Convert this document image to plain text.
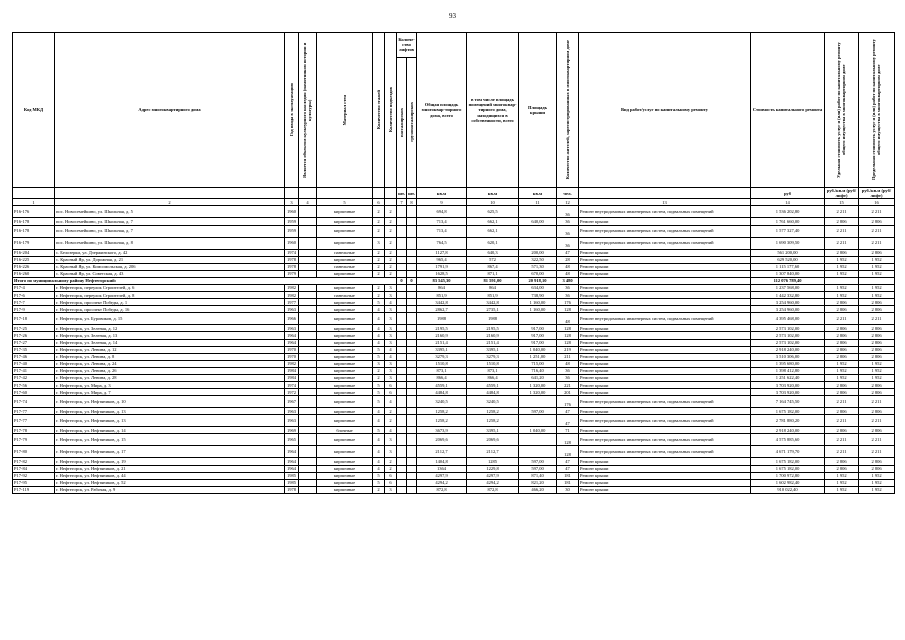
93
Код МКД	Адрес многоквартирного дома	Год ввода в эксплуатацию	Является объектом культурного наследия (памятником истории и культуры)	Материал стен	Количество этажей	Количество подъездов	Количе-ство лифтов		Общая площадь многоквар-тирного дома, всего	в том числе площадь помещений многоквар-тирного дома, находящихся в собственности, всего	Площадь крыши	Количество жителей, зарегистрированных в многоквартирном доме	Вид работ/услуг по капитальному ремонту	Стоимость капитального ремонта	Удельная стоимость услуг и (или) работ по капитальному ремонту общего имущества в многоквартирном доме	Предельная стоимость услуг и (или) работ по капитальному ремонту общего имущества в многоквартирном доме

							пассажирских	грузопассажирских								

							шт.	шт.	кв.м	кв.м	кв.м	чел.		руб	руб./кв.м (руб/лифт)	руб./кв.м (руб/лифт)
1	2	3	4	5	6		7	8	9	10	11	12	13	14	15	16
Р16-176	пос. Новосемейкино, ул. Школьная, д. 5	1960		кирпичные	2	2			694,8	625,5		36	Ремонт внутридомовых инженерных систем, подвальных помещений	1 536 202,80	2 211	2 211
Р16-178	пос. Новосемейкино, ул. Школьная, д. 7	1959		кирпичные	2	2			713,4	662,1	640,00	36	Ремонт крыши	1 761 660,00	2 806	2 806
Р16-178	пос. Новосемейкино, ул. Школьная, д. 7	1959		кирпичные	2	2			713,4	662,1		36	Ремонт внутридомовых инженерных систем, подвальных помещений	1 577 327,40	2 211	2 211
Р16-179	пос. Новосемейкино, ул. Школьная, д. 8	1960		кирпичные	3	2			764,5	620,1		36	Ремонт внутридомовых инженерных систем, подвальных помещений	1 690 309,50	2 211	2 211
Р16-204	с. Белозерки, ул. Дзержинского, д. 42	1974		панельные	2	2			1127,8	640,3	200,00	47	Ремонт крыши	561 200,00	2 806	2 806
Р16-225	с. Красный Яр, ул. Дорожная, д. 21	1978		кирпичные	2	2			965,4	572	322,50	28	Ремонт крыши	629 520,00	1 952	1 952
Р16-226	с. Красный Яр, ул. Комсомольская, д. 206	1978		панельные	2	2			1791,9	867,4	571,30	48	Ремонт крыши	1 115 177,60	1 952	1 952
Р16-260	с. Красный Яр, ул. Советская, д. 43	1979		кирпичные	2	2			1628,5	871,1	670,00	48	Ремонт крыши	1 307 840,00	1 952	1 952
Итого по муниципальному району Нефтегорский:							0	0	83 545,30	81 591,00	20 918,10	3 480		112 076 789,40		
Р17-4	г. Нефтегорск, переулок Строителей, д. 6	1982		кирпичные	2	3			864	864	634,00	36	Ремонт крыши	1 237 568,00	1 952	1 952
Р17-6	г. Нефтегорск, переулок Строителей, д. 8	1982		панельные	2	3			851,9	851,9	738,90	36	Ремонт крыши	1 442 332,80	1 952	1 952
Р17-7	г. Нефтегорск, проспект Победы, д. 1	1977		кирпичные	5	4			3442,8	3442,8	1 160,00	176	Ремонт крыши	3 254 960,00	2 806	2 806
Р17-9	г. Нефтегорск, проспект Победы, д. 16	1963		кирпичные	4	3			2862,7	2735,1	1 160,00	128	Ремонт крыши	3 254 960,00	2 806	2 806
Р17-18	г. Нефтегорск, ул. Буровиков, д. 15	1966		кирпичные	4	3			1988	1988		48	Ремонт внутридомовых инженерных систем, подвальных помещений	4 395 468,00	2 211	2 211
Р17-25	г. Нефтегорск, ул. Зеленая, д. 12	1963		кирпичные	4	3			2195,5	2195,5	917,00	128	Ремонт крыши	2 573 102,00	2 806	2 806
Р17-26	г. Нефтегорск, ул. Зеленая, д. 13	1964		кирпичные	4	3			2160,9	2160,9	917,00	128	Ремонт крыши	2 573 102,00	2 806	2 806
Р17-27	г. Нефтегорск, ул. Зеленая, д. 14	1964		кирпичные	4	3			2151,4	2151,4	917,00	128	Ремонт крыши	2 573 102,00	2 806	2 806
Р17-35	г. Нефтегорск, ул. Ленина, д. 12	1970		кирпичные	5	4			3395,1	3395,1	1 040,00	219	Ремонт крыши	2 918 240,00	2 806	2 806
Р17-46	г. Нефтегорск, ул. Ленина, д. 8	1970		кирпичные	5	4			3279,3	3279,3	1 251,00	211	Ремонт крыши	3 510 306,00	2 806	2 806
Р17-40	г. Нефтегорск, ул. Ленина, д. 24	1982		кирпичные	3	3			1510,8	1510,8	715,00	48	Ремонт крыши	1 395 680,00	1 952	1 952
Р17-41	г. Нефтегорск, ул. Ленина, д. 26	1984		кирпичные	2	3			873,1	873,1	716,40	36	Ремонт крыши	1 398 412,80	1 952	1 952
Р17-42	г. Нефтегорск, ул. Ленина, д. 28	1984		кирпичные	2	3			866,4	866,4	641,20	36	Ремонт крыши	1 251 622,40	1 952	1 952
Р17-56	г. Нефтегорск, ул. Мира, д. 3	1974		кирпичные	5	6			4559,1	4559,1	1 320,00	221	Ремонт крыши	3 703 920,00	2 806	2 806
Р17-60	г. Нефтегорск, ул. Мира, д. 7	1972		кирпичные	5	6			4484,8	4484,8	1 320,00	201	Ремонт крыши	3 703 920,00	2 806	2 806
Р17-74	г. Нефтегорск, ул. Нефтяников, д. 10	1967		кирпичные	5	4			3240,5	3240,5		176	Ремонт внутридомовых инженерных систем, подвальных помещений	7 164 745,50	2 211	2 211
Р17-77	г. Нефтегорск, ул. Нефтяников, д. 13	1963		кирпичные	4	2			1258,2	1258,2	597,00	47	Ремонт крыши	1 675 182,00	2 806	2 806
Р17-77	г. Нефтегорск, ул. Нефтяников, д. 13	1963		кирпичные	4	2			1258,2	1258,2		47	Ремонт внутридомовых инженерных систем, подвальных помещений	2 781 880,20	2 211	2 211
Р17-78	г. Нефтегорск, ул. Нефтяников, д. 14	1969		блочные	5	4			3673,9	3395,1	1 040,00	71	Ремонт крыши	2 918 240,00	2 806	2 806
Р17-79	г. Нефтегорск, ул. Нефтяников, д. 15	1965		кирпичные	4	3			2069,6	2069,6		128	Ремонт внутридомовых инженерных систем, подвальных помещений	4 575 885,60	2 211	2 211
Р17-80	г. Нефтегорск, ул. Нефтяников, д. 17	1964		кирпичные	4	3			2112,7	2112,7		128	Ремонт внутридомовых инженерных систем, подвальных помещений	4 671 179,70	2 211	2 211
Р17-82	г. Нефтегорск, ул. Нефтяников, д. 19	1964		кирпичные	4	2			1404,8	1285	597,00	47	Ремонт крыши	1 675 182,00	2 806	2 806
Р17-84	г. Нефтегорск, ул. Нефтяников, д. 21	1964		кирпичные	4	2			1364	1229,8	597,00	47	Ремонт крыши	1 675 182,00	2 806	2 806
Р17-92	г. Нефтегорск, ул. Нефтяников, д. 44	1985		кирпичные	5	6			4297,9	4297,9	871,40	181	Ремонт крыши	1 700 972,80	1 952	1 952
Р17-95	г. Нефтегорск, ул. Нефтяников, д. 52	1985		кирпичные	5	6			4294,2	4294,2	821,20	181	Ремонт крыши	1 602 982,40	1 952	1 952
Р17-119	г. Нефтегорск, ул. Рабочая, д. 9	1978		кирпичные	2	3			872,8	872,8	466,20	30	Ремонт крыши	910 022,40	1 952	1 952
